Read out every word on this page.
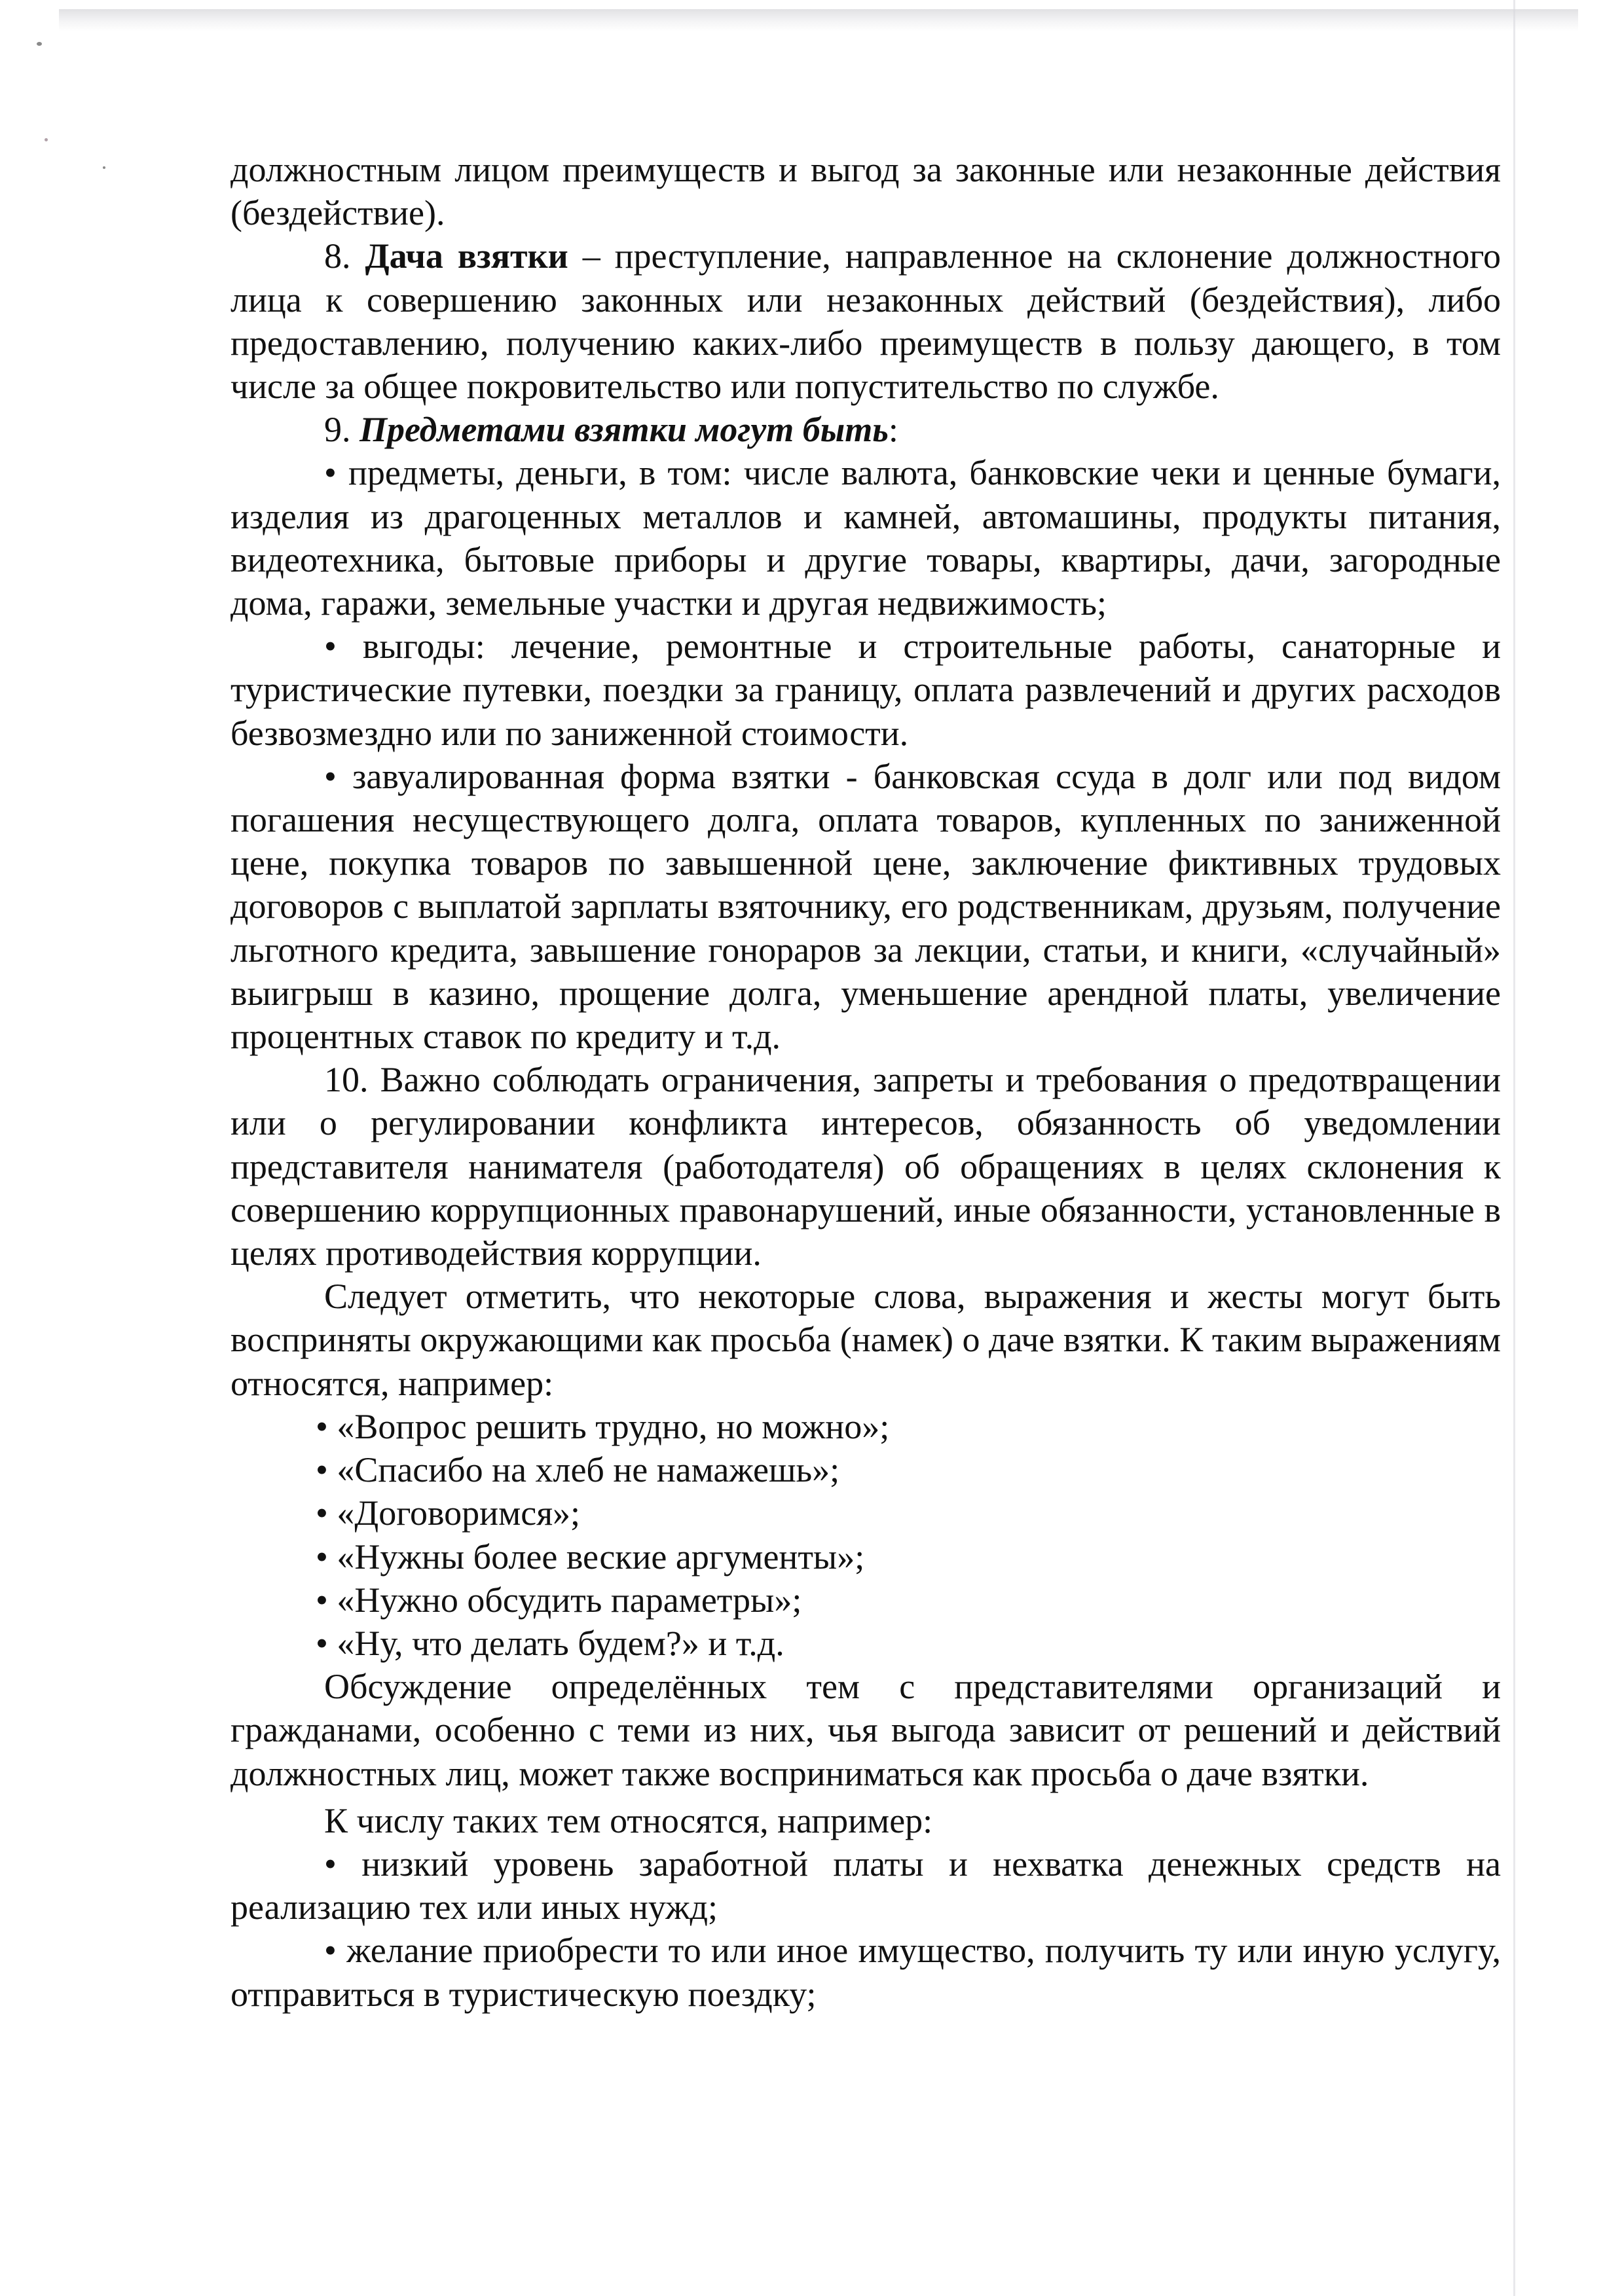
должностным лицом преимуществ и выгод за законные или незаконные действия (бездействие).

8. Дача взятки – преступление, направленное на склонение должностного лица к совершению законных или незаконных действий (бездействия), либо предоставлению, получению каких-либо преимуществ в пользу дающего, в том числе за общее покровительство или попустительство по службе.

9. Предметами взятки могут быть:

• предметы, деньги, в том: числе валюта, банковские чеки и ценные бумаги, изделия из драгоценных металлов и камней, автомашины, продукты питания, видеотехника, бытовые приборы и другие товары, квартиры, дачи, загородные дома, гаражи, земельные участки и другая недвижимость;

• выгоды: лечение, ремонтные и строительные работы, санаторные и туристические путевки, поездки за границу, оплата развлечений и других расходов безвозмездно или по заниженной стоимости.

• завуалированная форма взятки - банковская ссуда в долг или под видом погашения несуществующего долга, оплата товаров, купленных по заниженной цене, покупка товаров по завышенной цене, заключение фиктивных трудовых договоров с выплатой зарплаты взяточнику, его родственникам, друзьям, получение льготного кредита, завышение гонораров за лекции, статьи, и книги, «случайный» выигрыш в казино, прощение долга, уменьшение арендной платы, увеличение процентных ставок по кредиту и т.д.

10. Важно соблюдать ограничения, запреты и требования о предотвращении или о регулировании конфликта интересов, обязанность об уведомлении представителя нанимателя (работодателя) об обращениях в целях склонения к совершению коррупционных правонарушений, иные обязанности, установленные в целях противодействия коррупции.

Следует отметить, что некоторые слова, выражения и жесты могут быть восприняты окружающими как просьба (намек) о даче взятки. К таким выражениям относятся, например:

• «Вопрос решить трудно, но можно»;
• «Спасибо на хлеб не намажешь»;
• «Договоримся»;
• «Нужны более веские аргументы»;
• «Нужно обсудить параметры»;
• «Ну, что делать будем?» и т.д.

Обсуждение определённых тем с представителями организаций и гражданами, особенно с теми из них, чья выгода зависит от решений и действий должностных лиц, может также восприниматься как просьба о даче взятки.

К числу таких тем относятся, например:

• низкий уровень заработной платы и нехватка денежных средств на реализацию тех или иных нужд;

• желание приобрести то или иное имущество, получить ту или иную услугу, отправиться в туристическую поездку;
